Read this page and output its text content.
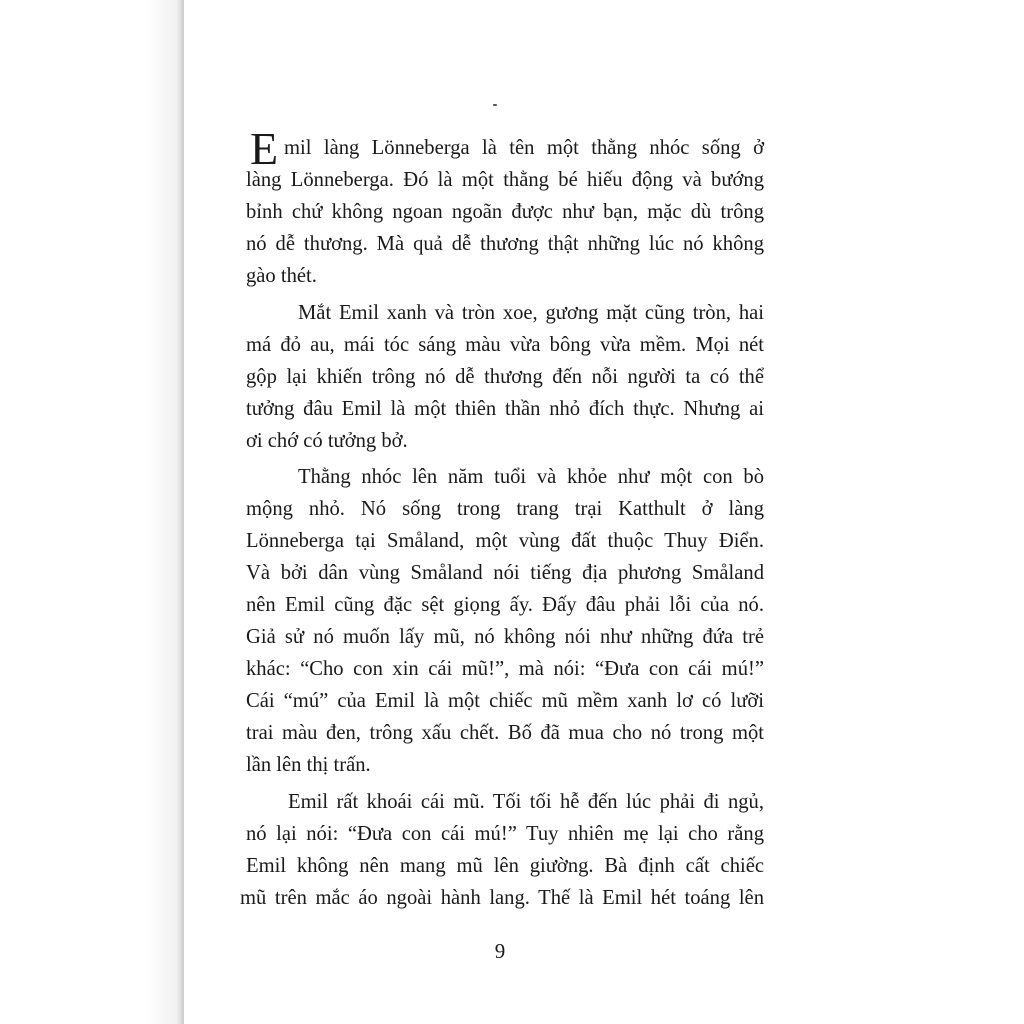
E mil làng Lönneberga là tên một thằng nhóc sống ở
làng Lönneberga. Đó là một thằng bé hiếu động và bướng
bỉnh chứ không ngoan ngoãn được như bạn, mặc dù trông
nó dễ thương. Mà quả dễ thương thật những lúc nó không
gào thét.
Mắt Emil xanh và tròn xoe, gương mặt cũng tròn, hai
má đỏ au, mái tóc sáng màu vừa bông vừa mềm. Mọi nét
gộp lại khiến trông nó dễ thương đến nỗi người ta có thể
tưởng đâu Emil là một thiên thần nhỏ đích thực. Nhưng ai
ơi chớ có tưởng bở.
Thằng nhóc lên năm tuổi và khỏe như một con bò
mộng nhỏ. Nó sống trong trang trại Katthult ở làng
Lönneberga tại Småland, một vùng đất thuộc Thuy Điển.
Và bởi dân vùng Småland nói tiếng địa phương Småland
nên Emil cũng đặc sệt giọng ấy. Đấy đâu phải lỗi của nó.
Giả sử nó muốn lấy mũ, nó không nói như những đứa trẻ
khác: “Cho con xin cái mũ!”, mà nói: “Đưa con cái mú!”
Cái “mú” của Emil là một chiếc mũ mềm xanh lơ có lưỡi
trai màu đen, trông xấu chết. Bố đã mua cho nó trong một
lần lên thị trấn.
Emil rất khoái cái mũ. Tối tối hễ đến lúc phải đi ngủ,
nó lại nói: “Đưa con cái mú!” Tuy nhiên mẹ lại cho rằng
Emil không nên mang mũ lên giường. Bà định cất chiếc
mũ trên mắc áo ngoài hành lang. Thế là Emil hét toáng lên
9
